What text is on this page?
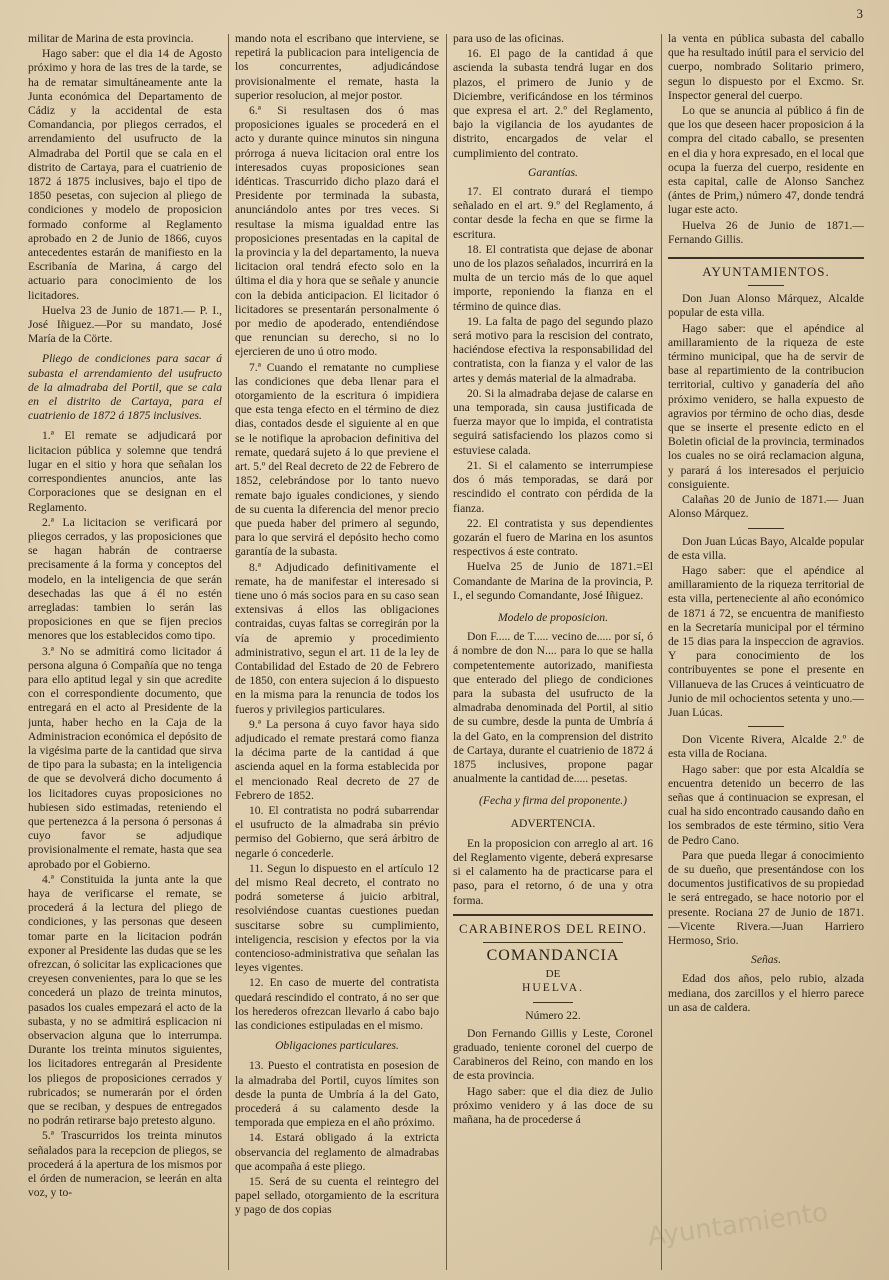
3

militar de Marina de esta provincia.

Hago saber: que el dia 14 de Agosto próximo y hora de las tres de la tarde, se ha de rematar simultáneamente ante la Junta económica del Departamento de Cádiz y la accidental de esta Comandancia, por pliegos cerrados, el arrendamiento del usufructo de la Almadraba del Portil que se cala en el distrito de Cartaya, para el cuatrienio de 1872 á 1875 inclusives, bajo el tipo de 1850 pesetas, con sujecion al pliego de condiciones y modelo de proposicion formado conforme al Reglamento aprobado en 2 de Junio de 1866, cuyos antecedentes estarán de manifiesto en la Escribanía de Marina, á cargo del actuario para conocimiento de los licitadores.

Huelva 23 de Junio de 1871.— P. I., José Iñiguez.—Por su mandato, José María de la Cörte.

Pliego de condiciones para sacar á subasta el arrendamiento del usufructo de la almadraba del Portil, que se cala en el distrito de Cartaya, para el cuatrienio de 1872 á 1875 inclusives.

1.ª El remate se adjudicará por licitacion pública y solemne que tendrá lugar en el sitio y hora que señalan los correspondientes anuncios, ante las Corporaciones que se designan en el Reglamento.

2.ª La licitacion se verificará por pliegos cerrados, y las proposiciones que se hagan habrán de contraerse precisamente á la forma y conceptos del modelo, en la inteligencia de que serán desechadas las que á él no estén arregladas: tambien lo serán las proposiciones en que se fijen precios menores que los establecidos como tipo.

3.ª No se admitirá como licitador á persona alguna ó Compañía que no tenga para ello aptitud legal y sin que acredite con el correspondiente documento, que entregará en el acto al Presidente de la junta, haber hecho en la Caja de la Administracion económica el depósito de la vigésima parte de la cantidad que sirva de tipo para la subasta; en la inteligencia de que se devolverá dicho documento á los licitadores cuyas proposiciones no hubiesen sido estimadas, reteniendo el que pertenezca á la persona ó personas á cuyo favor se adjudique provisionalmente el remate, hasta que sea aprobado por el Gobierno.

4.ª Constituida la junta ante la que haya de verificarse el remate, se procederá á la lectura del pliego de condiciones, y las personas que deseen tomar parte en la licitacion podrán exponer al Presidente las dudas que se les ofrezcan, ó solicitar las explicaciones que creyesen convenientes, para lo que se les concederá un plazo de treinta minutos, pasados los cuales empezará el acto de la subasta, y no se admitirá esplicacion ni observacion alguna que lo interrumpa. Durante los treinta minutos siguientes, los licitadores entregarán al Presidente los pliegos de proposiciones cerrados y rubricados; se numerarán por el órden que se reciban, y despues de entregados no podrán retirarse bajo pretesto alguno.

5.ª Trascurridos los treinta minutos señalados para la recepcion de pliegos, se procederá á la apertura de los mismos por el órden de numeracion, se leerán en alta voz, y to-

mando nota el escribano que interviene, se repetirá la publicacion para inteligencia de los concurrentes, adjudicándose provisionalmente el remate, hasta la superior resolucion, al mejor postor.

6.ª Si resultasen dos ó mas proposiciones iguales se procederá en el acto y durante quince minutos sin ninguna prórroga á nueva licitacion oral entre los interesados cuyas proposiciones sean idénticas. Trascurrido dicho plazo dará el Presidente por terminada la subasta, anunciándolo antes por tres veces. Si resultase la misma igualdad entre las proposiciones presentadas en la capital de la provincia y la del departamento, la nueva licitacion oral tendrá efecto solo en la última el dia y hora que se señale y anuncie con la debida anticipacion. El licitador ó licitadores se presentarán personalmente ó por medio de apoderado, entendiéndose que renuncian su derecho, si no lo ejercieren de uno ú otro modo.

7.ª Cuando el rematante no cumpliese las condiciones que deba llenar para el otorgamiento de la escritura ó impidiera que esta tenga efecto en el término de diez dias, contados desde el siguiente al en que se le notifique la aprobacion definitiva del remate, quedará sujeto á lo que previene el art. 5.º del Real decreto de 22 de Febrero de 1852, celebrándose por lo tanto nuevo remate bajo iguales condiciones, y siendo de su cuenta la diferencia del menor precio que pueda haber del primero al segundo, para lo que servirá el depósito hecho como garantía de la subasta.

8.ª Adjudicado definitivamente el remate, ha de manifestar el interesado si tiene uno ó más socios para en su caso sean extensivas á ellos las obligaciones contraidas, cuyas faltas se corregirán por la vía de apremio y procedimiento administrativo, segun el art. 11 de la ley de Contabilidad del Estado de 20 de Febrero de 1850, con entera sujecion á lo dispuesto en la misma para la renuncia de todos los fueros y privilegios particulares.

9.ª La persona á cuyo favor haya sido adjudicado el remate prestará como fianza la décima parte de la cantidad á que ascienda aquel en la forma establecida por el mencionado Real decreto de 27 de Febrero de 1852.

10. El contratista no podrá subarrendar el usufructo de la almadraba sin prévio permiso del Gobierno, que será árbitro de negarle ó concederle.

11. Segun lo dispuesto en el artículo 12 del mismo Real decreto, el contrato no podrá someterse á juicio arbitral, resolviéndose cuantas cuestiones puedan suscitarse sobre su cumplimiento, inteligencia, rescision y efectos por la via contencioso-administrativa que señalan las leyes vigentes.

12. En caso de muerte del contratista quedará rescindido el contrato, á no ser que los herederos ofrezcan llevarlo á cabo bajo las condiciones estipuladas en el mismo.

Obligaciones particulares.

13. Puesto el contratista en posesion de la almadraba del Portil, cuyos límites son desde la punta de Umbría á la del Gato, procederá á su calamento desde la temporada que empieza en el año próximo.

14. Estará obligado á la extricta observancia del reglamento de almadrabas que acompaña á este pliego.

15. Será de su cuenta el reintegro del papel sellado, otorgamiento de la escritura y pago de dos copias

para uso de las oficinas.

16. El pago de la cantidad á que ascienda la subasta tendrá lugar en dos plazos, el primero de Junio y de Diciembre, verificándose en los términos que expresa el art. 2.º del Reglamento, bajo la vigilancia de los ayudantes de distrito, encargados de velar el cumplimiento del contrato.

Garantías.

17. El contrato durará el tiempo señalado en el art. 9.º del Reglamento, á contar desde la fecha en que se firme la escritura.

18. El contratista que dejase de abonar uno de los plazos señalados, incurrirá en la multa de un tercio más de lo que aquel importe, reponiendo la fianza en el término de quince dias.

19. La falta de pago del segundo plazo será motivo para la rescision del contrato, haciéndose efectiva la responsabilidad del contratista, con la fianza y el valor de las artes y demás material de la almadraba.

20. Si la almadraba dejase de calarse en una temporada, sin causa justificada de fuerza mayor que lo impida, el contratista seguirá satisfaciendo los plazos como si estuviese calada.

21. Si el calamento se interrumpiese dos ó más temporadas, se dará por rescindido el contrato con pérdida de la fianza.

22. El contratista y sus dependientes gozarán el fuero de Marina en los asuntos respectivos á este contrato.

Huelva 25 de Junio de 1871.=El Comandante de Marina de la provincia, P. I., el segundo Comandante, José Iñiguez.

Modelo de proposicion.

Don F..... de T..... vecino de..... por sí, ó á nombre de don N.... para lo que se halla competentemente autorizado, manifiesta que enterado del pliego de condiciones para la subasta del usufructo de la almadraba denominada del Portil, al sitio de su cumbre, desde la punta de Umbría á la del Gato, en la comprension del distrito de Cartaya, durante el cuatrienio de 1872 á 1875 inclusives, propone pagar anualmente la cantidad de..... pesetas.

(Fecha y firma del proponente.)

ADVERTENCIA.

En la proposicion con arreglo al art. 16 del Reglamento vigente, deberá expresarse si el calamento ha de practicarse para el paso, para el retorno, ó de una y otra forma.

CARABINEROS DEL REINO.
COMANDANCIA
DE
HUELVA.

Número 22.

Don Fernando Gillis y Leste, Coronel graduado, teniente coronel del cuerpo de Carabineros del Reino, con mando en los de esta provincia.

Hago saber: que el dia diez de Julio próximo venidero y á las doce de su mañana, ha de procederse á

la venta en pública subasta del caballo que ha resultado inútil para el servicio del cuerpo, nombrado Solitario primero, segun lo dispuesto por el Excmo. Sr. Inspector general del cuerpo.

Lo que se anuncia al público á fin de que los que deseen hacer proposicion á la compra del citado caballo, se presenten en el dia y hora expresado, en el local que ocupa la fuerza del cuerpo, residente en esta capital, calle de Alonso Sanchez (ántes de Prim,) número 47, donde tendrá lugar este acto.

Huelva 26 de Junio de 1871.— Fernando Gillis.

AYUNTAMIENTOS.

Don Juan Alonso Márquez, Alcalde popular de esta villa.

Hago saber: que el apéndice al amillaramiento de la riqueza de este término municipal, que ha de servir de base al repartimiento de la contribucion territorial, cultivo y ganadería del año próximo venidero, se halla expuesto de agravios por término de ocho dias, desde que se inserte el presente edicto en el Boletin oficial de la provincia, terminados los cuales no se oirá reclamacion alguna, y parará á los interesados el perjuicio consiguiente.

Calañas 20 de Junio de 1871.— Juan Alonso Márquez.

Don Juan Lúcas Bayo, Alcalde popular de esta villa.

Hago saber: que el apéndice al amillaramiento de la riqueza territorial de esta villa, perteneciente al año económico de 1871 á 72, se encuentra de manifiesto en la Secretaría municipal por el término de 15 dias para la inspeccion de agravios. Y para conocimiento de los contribuyentes se pone el presente en Villanueva de las Cruces á veinticuatro de Junio de mil ochocientos setenta y uno.—Juan Lúcas.

Don Vicente Rivera, Alcalde 2.º de esta villa de Rociana.

Hago saber: que por esta Alcaldía se encuentra detenido un becerro de las señas que á continuacion se expresan, el cual ha sido encontrado causando daño en los sembrados de este término, sitio Vera de Pedro Cano.

Para que pueda llegar á conocimiento de su dueño, que presentándose con los documentos justificativos de su propiedad le será entregado, se hace notorio por el presente. Rociana 27 de Junio de 1871. —Vicente Rivera.—Juan Harriero Hermoso, Srio.

Señas.

Edad dos años, pelo rubio, alzada mediana, dos zarcillos y el hierro parece un asa de caldera.

Ayuntamiento
